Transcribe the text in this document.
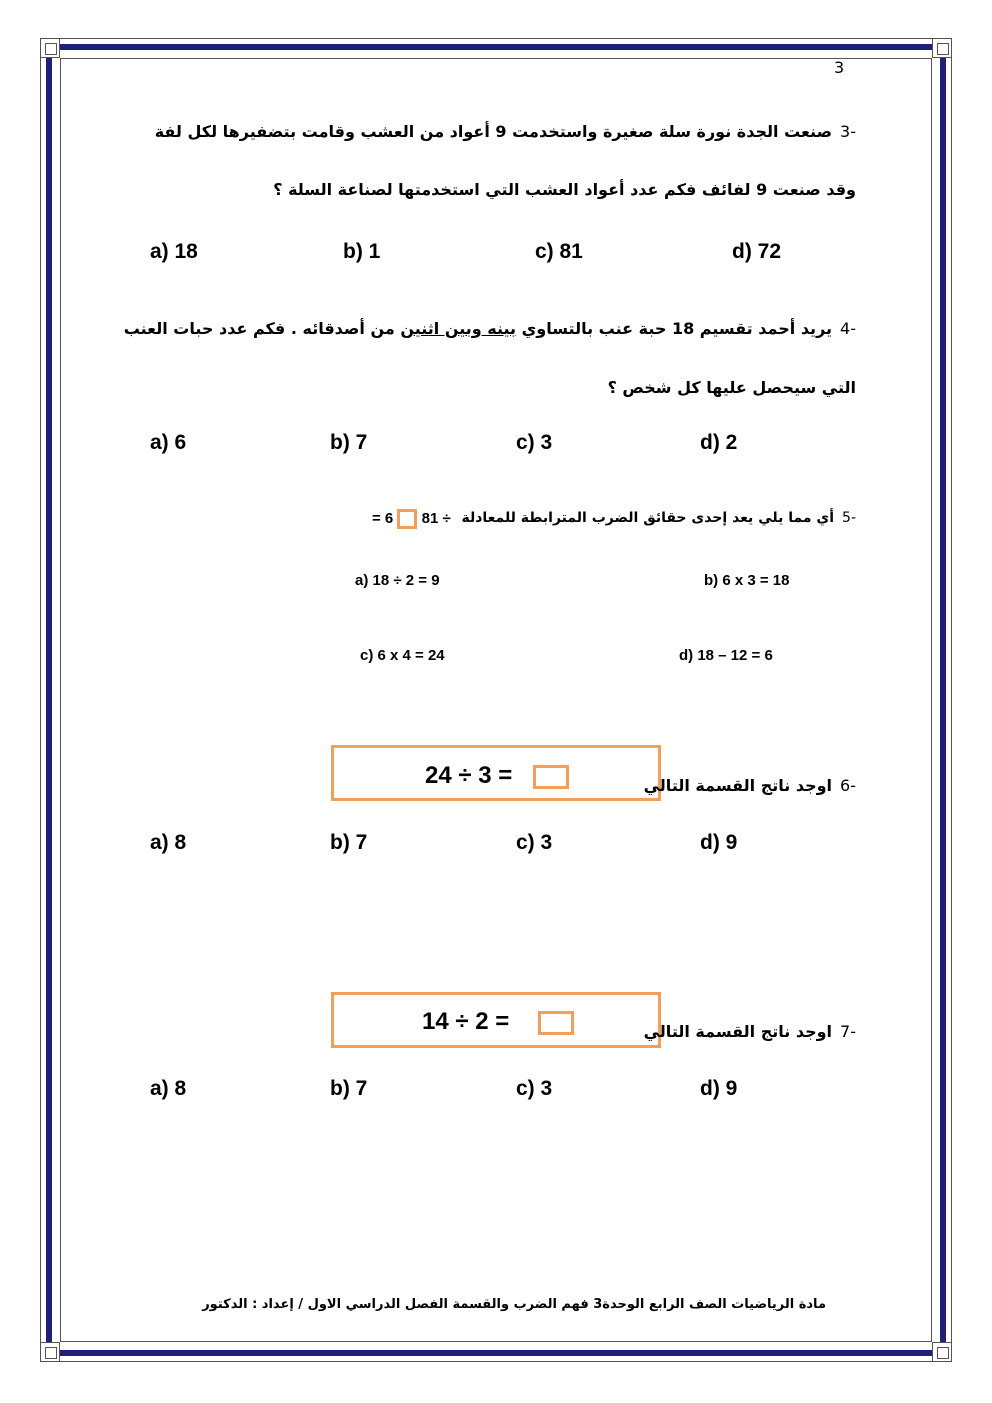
3
-3صنعت الجدة نورة سلة صغيرة واستخدمت 9 أعواد من العشب وقامت بتضفيرها لكل لفة
وقد صنعت 9 لفائف فكم عدد أعواد العشب التي استخدمتها لصناعة السلة ؟
a) 18	b) 1	c) 81	d) 72
-4يريد أحمد تقسيم 18 حبة عنب بالتساوي بينه وبين اثنين من أصدقائه . فكم عدد حبات العنب
التي سيحصل عليها كل شخص ؟
a) 6	b) 7	c) 3	d) 2
-5أي مما يلي يعد إحدى حقائق الضرب المترابطة للمعادلة
÷ 18  6 =
a) 18 ÷ 2 = 9	b) 6 x 3 = 18
c) 6 x 4 = 24	d) 18 – 12 = 6
24 ÷ 3 =	-6اوجد ناتج القسمة التالي
a) 8	b) 7	c) 3	d) 9
14 ÷ 2 =	-7اوجد ناتج القسمة التالي
a) 8	b) 7	c) 3	d) 9
مادة الرياضيات الصف الرابع الوحدة3 فهم الضرب والقسمة الفصل الدراسي الاول / إعداد : الدكتور
